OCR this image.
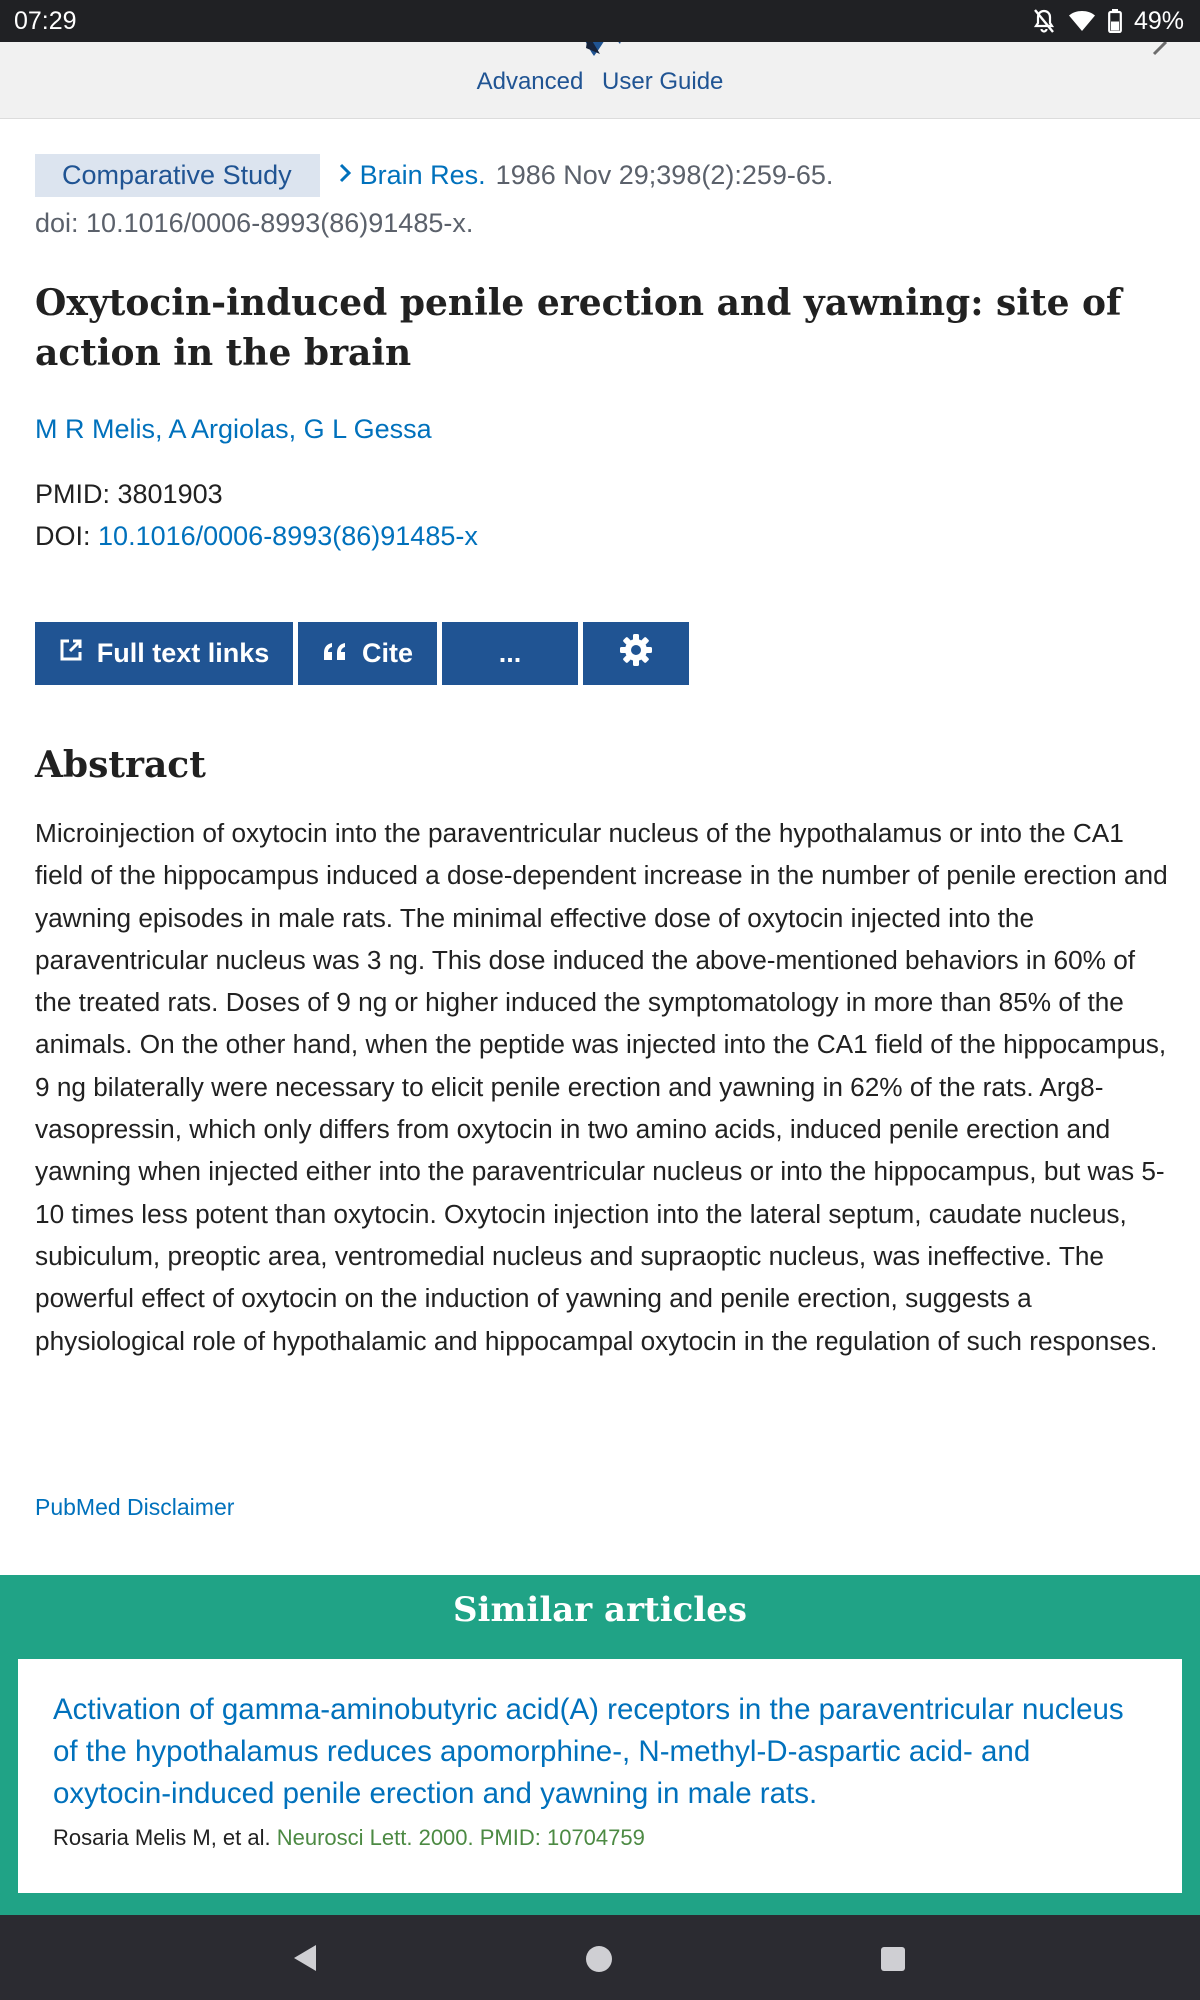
07:29	49%
Advanced User Guide
Comparative Study	Brain Res. 1986 Nov 29;398(2):259-65.
doi: 10.1016/0006-8993(86)91485-x.
Oxytocin-induced penile erection and yawning: site of action in the brain
M R Melis, A Argiolas, G L Gessa
PMID: 3801903
DOI: 10.1016/0006-8993(86)91485-x
Full text links	Cite	...
Abstract

Microinjection of oxytocin into the paraventricular nucleus of the hypothalamus or into the CA1 field of the hippocampus induced a dose-dependent increase in the number of penile erection and yawning episodes in male rats. The minimal effective dose of oxytocin injected into the paraventricular nucleus was 3 ng. This dose induced the above-mentioned behaviors in 60% of the treated rats. Doses of 9 ng or higher induced the symptomatology in more than 85% of the animals. On the other hand, when the peptide was injected into the CA1 field of the hippocampus, 9 ng bilaterally were necessary to elicit penile erection and yawning in 62% of the rats. Arg8-vasopressin, which only differs from oxytocin in two amino acids, induced penile erection and yawning when injected either into the paraventricular nucleus or into the hippocampus, but was 5-10 times less potent than oxytocin. Oxytocin injection into the lateral septum, caudate nucleus, subiculum, preoptic area, ventromedial nucleus and supraoptic nucleus, was ineffective. The powerful effect of oxytocin on the induction of yawning and penile erection, suggests a physiological role of hypothalamic and hippocampal oxytocin in the regulation of such responses.

PubMed Disclaimer
Similar articles

Activation of gamma-aminobutyric acid(A) receptors in the paraventricular nucleus of the hypothalamus reduces apomorphine-, N-methyl-D-aspartic acid- and oxytocin-induced penile erection and yawning in male rats.

Rosaria Melis M, et al. Neurosci Lett. 2000. PMID: 10704759
